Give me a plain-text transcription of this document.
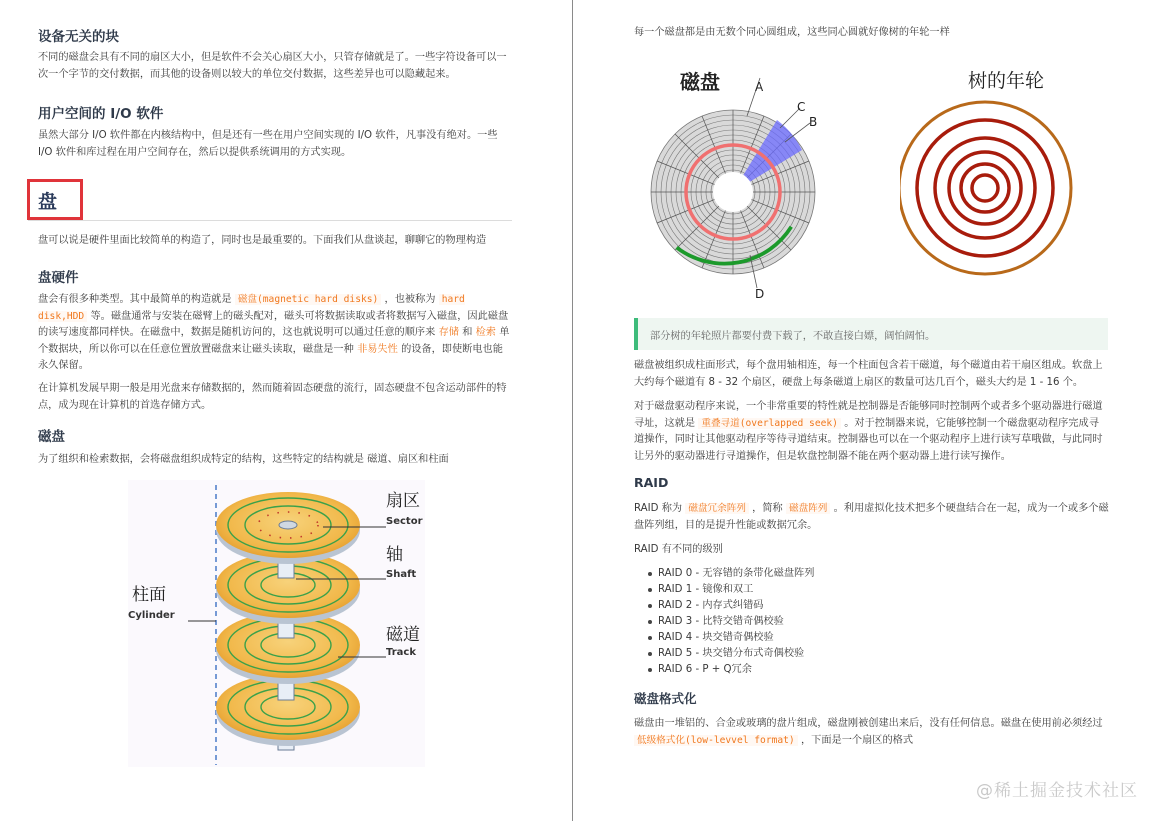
设备无关的块

不同的磁盘会具有不同的扇区大小，但是软件不会关心扇区大小，只管存储就是了。一些字符设备可以一次一个字节的交付数据，而其他的设备则以较大的单位交付数据，这些差异也可以隐藏起来。

用户空间的 I/O 软件

虽然大部分 I/O 软件都在内核结构中，但是还有一些在用户空间实现的 I/O 软件，凡事没有绝对。一些 I/O 软件和库过程在用户空间存在，然后以提供系统调用的方式实现。

盘

盘可以说是硬件里面比较简单的构造了，同时也是最重要的。下面我们从盘谈起，聊聊它的物理构造

盘硬件

盘会有很多种类型。其中最简单的构造就是 磁盘(magnetic hard disks) ，也被称为 hard disk,HDD 等。磁盘通常与安装在磁臂上的磁头配对，磁头可将数据读取或者将数据写入磁盘，因此磁盘的读写速度都同样快。在磁盘中，数据是随机访问的，这也就说明可以通过任意的顺序来 存储 和 检索 单个数据块，所以你可以在任意位置放置磁盘来让磁头读取，磁盘是一种 非易失性 的设备，即使断电也能永久保留。

在计算机发展早期一般是用光盘来存储数据的，然而随着固态硬盘的流行，固态硬盘不包含运动部件的特点，成为现在计算机的首选存储方式。

磁盘

为了组织和检索数据，会将磁盘组织成特定的结构，这些特定的结构就是 磁道、扇区和柱面

扇区
Sector
轴
Shaft
柱面
Cylinder
磁道
Track

每一个磁盘都是由无数个同心圆组成，这些同心圆就好像树的年轮一样

部分树的年轮照片都要付费下载了，不敢直接白嫖，阔怕阔怕。

磁盘被组织成柱面形式，每个盘用轴相连，每一个柱面包含若干磁道，每个磁道由若干扇区组成。软盘上大约每个磁道有 8 - 32 个扇区，硬盘上每条磁道上扇区的数量可达几百个，磁头大约是 1 - 16 个。

对于磁盘驱动程序来说，一个非常重要的特性就是控制器是否能够同时控制两个或者多个驱动器进行磁道寻址，这就是 重叠寻道(overlapped seek) 。对于控制器来说，它能够控制一个磁盘驱动程序完成寻道操作，同时让其他驱动程序等待寻道结束。控制器也可以在一个驱动程序上进行读写草哦做，与此同时让另外的驱动器进行寻道操作，但是软盘控制器不能在两个驱动器上进行读写操作。

RAID

RAID 称为 磁盘冗余阵列 ，简称 磁盘阵列 。利用虚拟化技术把多个硬盘结合在一起，成为一个或多个磁盘阵列组，目的是提升性能或数据冗余。

RAID 有不同的级别

RAID 0 - 无容错的条带化磁盘阵列
RAID 1 - 镜像和双工
RAID 2 - 内存式纠错码
RAID 3 - 比特交错奇偶校验
RAID 4 - 块交错奇偶校验
RAID 5 - 块交错分布式奇偶校验
RAID 6 - P + Q冗余
磁盘格式化

磁盘由一堆铝的、合金或玻璃的盘片组成，磁盘刚被创建出来后，没有任何信息。磁盘在使用前必须经过 低级格式化(low-levvel format) ，下面是一个扇区的格式

磁盘	A
B
C
D
树的年轮
@稀土掘金技术社区
